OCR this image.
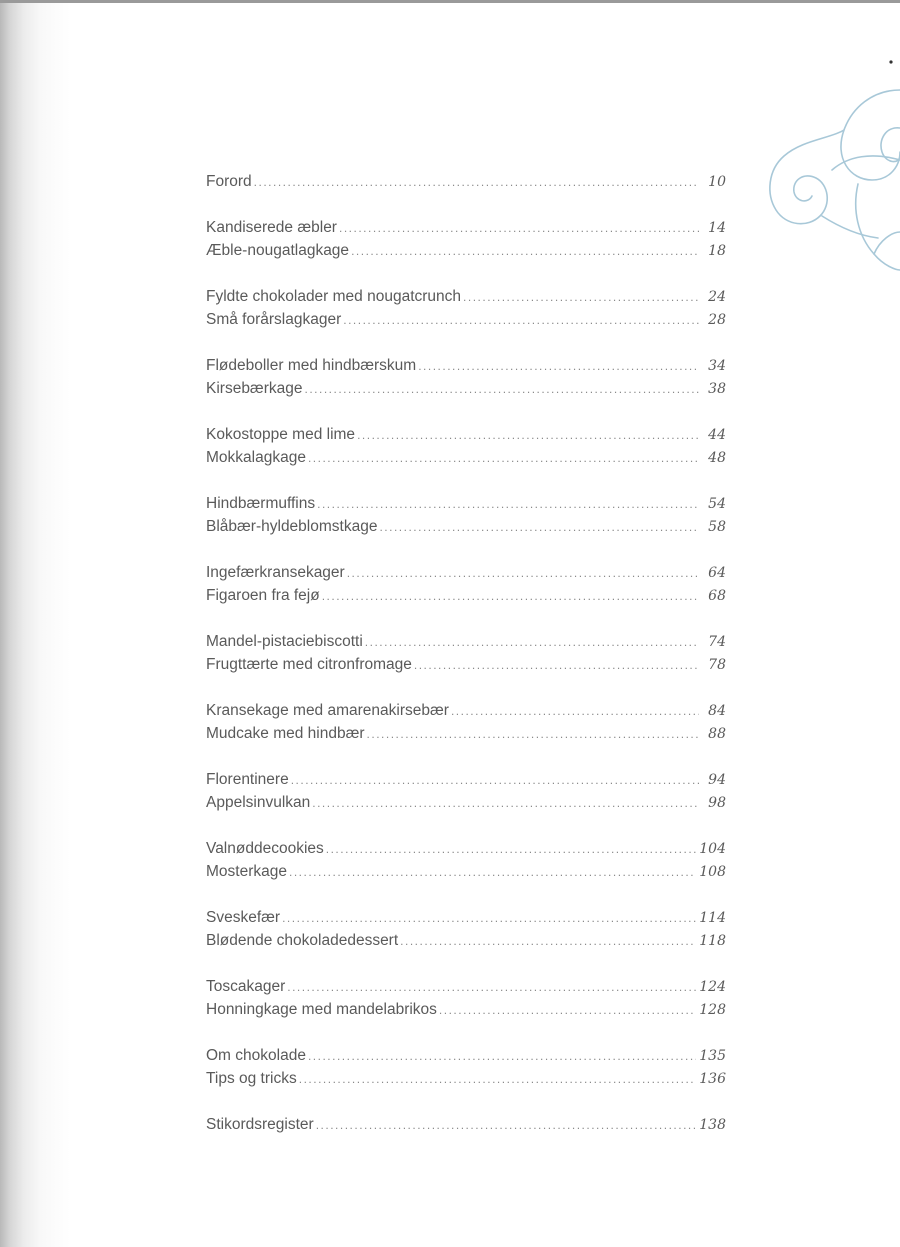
Forord .....	10
Kandiserede æbler .....	14
Æble-nougatlagkage .....	18
Fyldte chokolader med nougatcrunch .....	24
Små forårslagkager .....	28
Flødeboller med hindbærskum .....	34
Kirsebærkage .....	38
Kokostoppe med lime .....	44
Mokkalagkage .....	48
Hindbærmuffins .....	54
Blåbær-hyldeblomstkage .....	58
Ingefærkransekager .....	64
Figaroen fra fejø .....	68
Mandel-pistaciebiscotti .....	74
Frugttærte med citronfromage .....	78
Kransekage med amarenakirsebær .....	84
Mudcake med hindbær .....	88
Florentinere .....	94
Appelsinvulkan .....	98
Valnøddecookies .....	104
Mosterkage .....	108
Sveskefær .....	114
Blødende chokoladedessert .....	118
Toscakager .....	124
Honningkage med mandelabrikos .....	128
Om chokolade .....	135
Tips og tricks .....	136
Stikordsregister .....	138
